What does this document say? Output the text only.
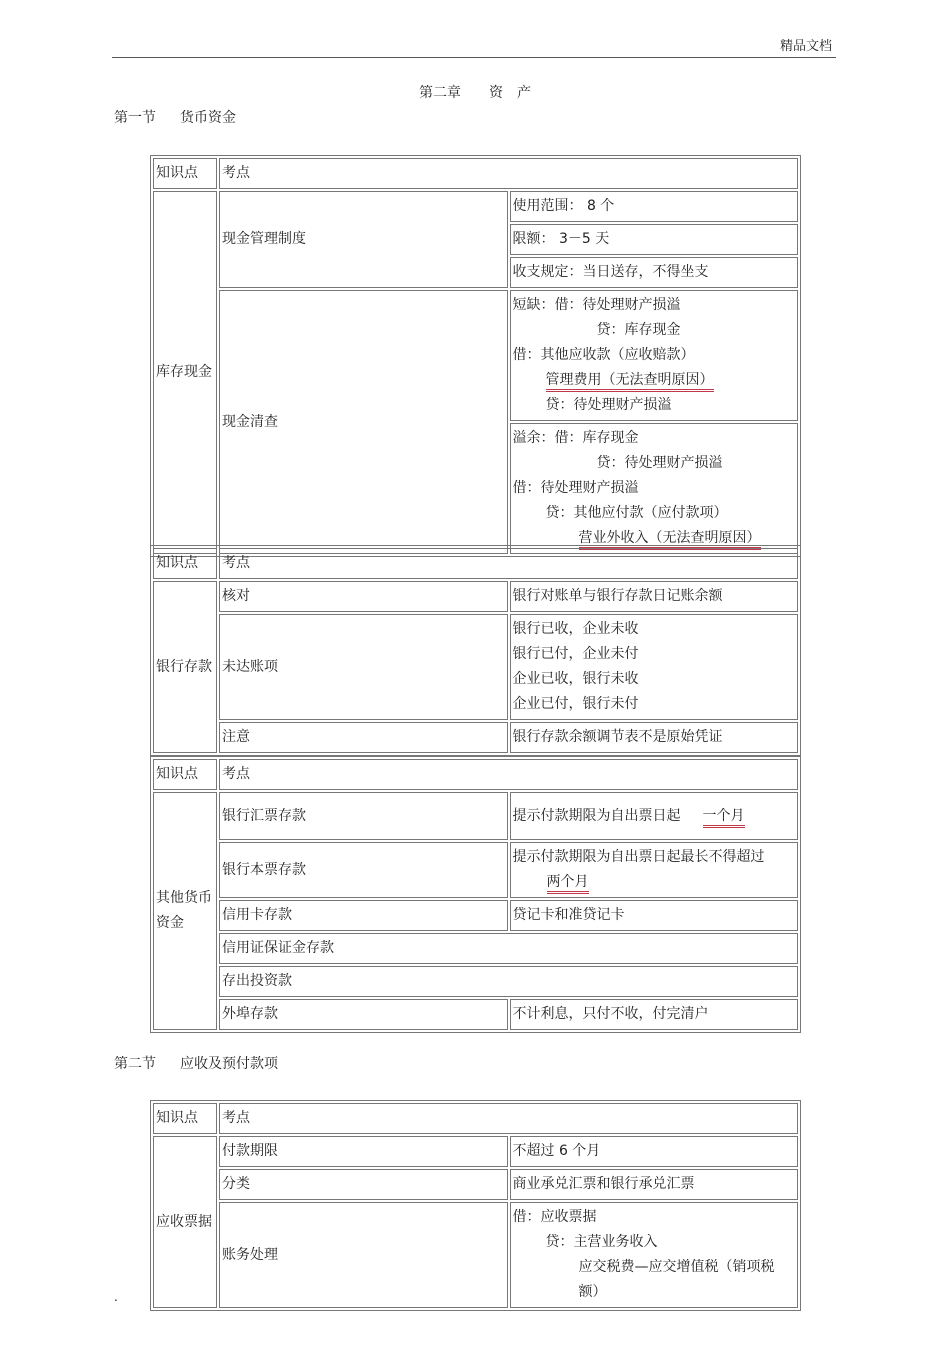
精品文档
第二章　　资　产
第一节 货币资金
知识点	考点	
库存现金	现金管理制度	使用范围： 8 个
		限额： 3－5 天
		收支规定：当日送存，不得坐支
	现金清查	短缺：借：待处理财产损溢
贷：库存现金
借：其他应收款（应收赔款）
管理费用（无法查明原因）
贷：待处理财产损溢

		溢余：借：库存现金
贷：待处理财产损溢
借：待处理财产损溢
贷：其他应付款（应付款项）
营业外收入（无法查明原因）
知识点	考点	
银行存款	核对	银行对账单与银行存款日记账余额
	未达账项	银行已收，企业未收
银行已付，企业未付
企业已收，银行未收
企业已付，银行未付

	注意	银行存款余额调节表不是原始凭证
知识点	考点	
其他货币资金	银行汇票存款	提示付款期限为自出票日起 一个月
	银行本票存款	提示付款期限为自出票日起最长不得超过两个月
	信用卡存款	贷记卡和准贷记卡
	信用证保证金存款	
	存出投资款	
	外埠存款	不计利息，只付不收，付完清户
第二节 应收及预付款项
知识点	考点	
应收票据	付款期限	不超过 6 个月
	分类	商业承兑汇票和银行承兑汇票
	账务处理	借：应收票据
贷：主营业务收入
应交税费—应交增值税（销项税额）
.
